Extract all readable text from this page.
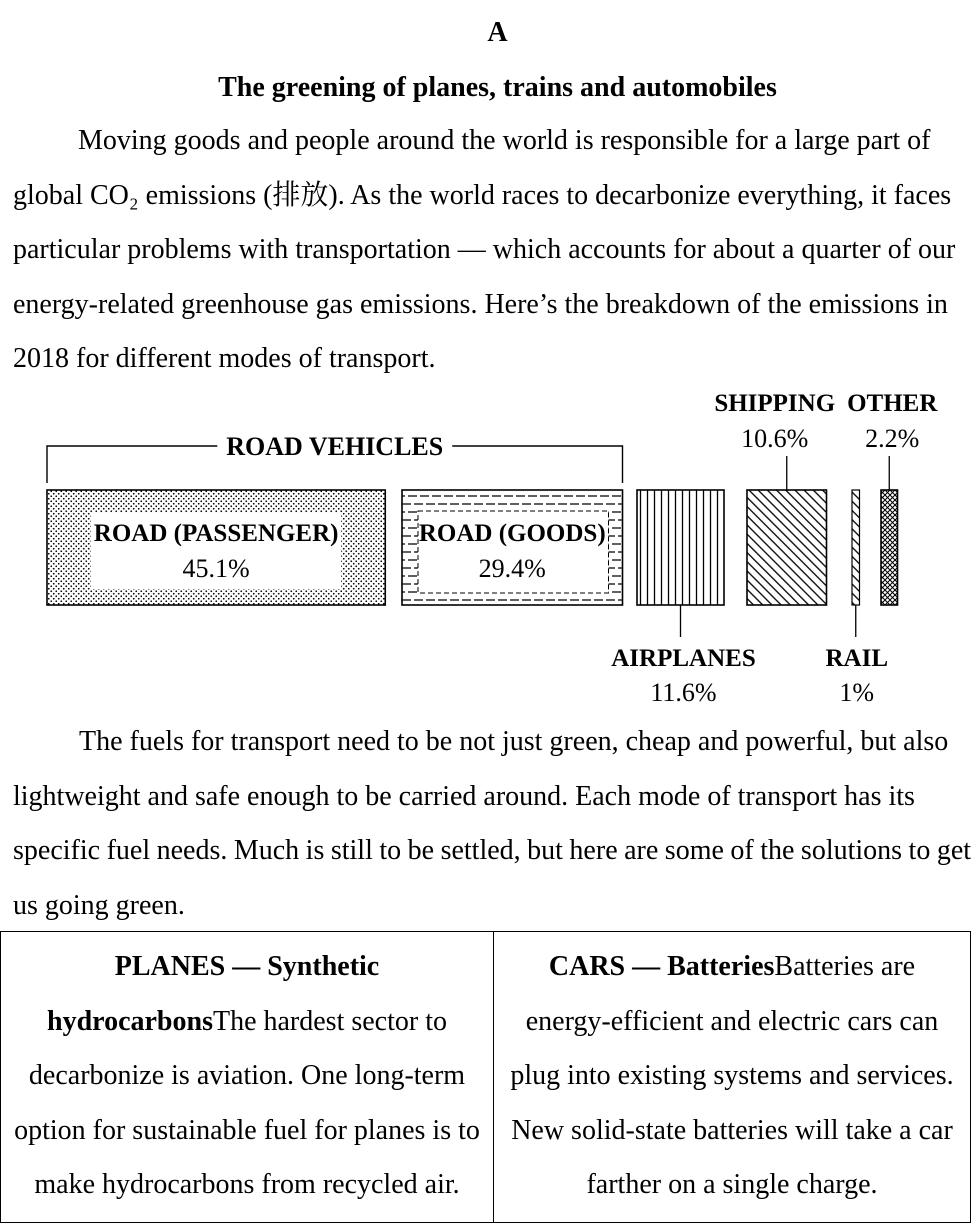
A
The greening of planes, trains and automobiles
Moving goods and people around the world is responsible for a large part of
global CO₂ emissions (排放). As the world races to decarbonize everything, it faces
particular problems with transportation — which accounts for about a quarter of our
energy-related greenhouse gas emissions. Here’s the breakdown of the emissions in
2018 for different modes of transport.
ROAD VEHICLES
ROAD (PASSENGER)
45.1%
ROAD (GOODS)
29.4%
AIRPLANES
11.6%
SHIPPING
10.6%
RAIL
1%
OTHER
2.2%
The fuels for transport need to be not just green, cheap and powerful, but also
lightweight and safe enough to be carried around. Each mode of transport has its
specific fuel needs. Much is still to be settled, but here are some of the solutions to get
us going green.
PLANES — Synthetic
hydrocarbonsThe hardest sector to
decarbonize is aviation. One long-term
option for sustainable fuel for planes is to
make hydrocarbons from recycled air.
CARS — BatteriesBatteries are
energy-efficient and electric cars can
plug into existing systems and services.
New solid-state batteries will take a car
farther on a single charge.
